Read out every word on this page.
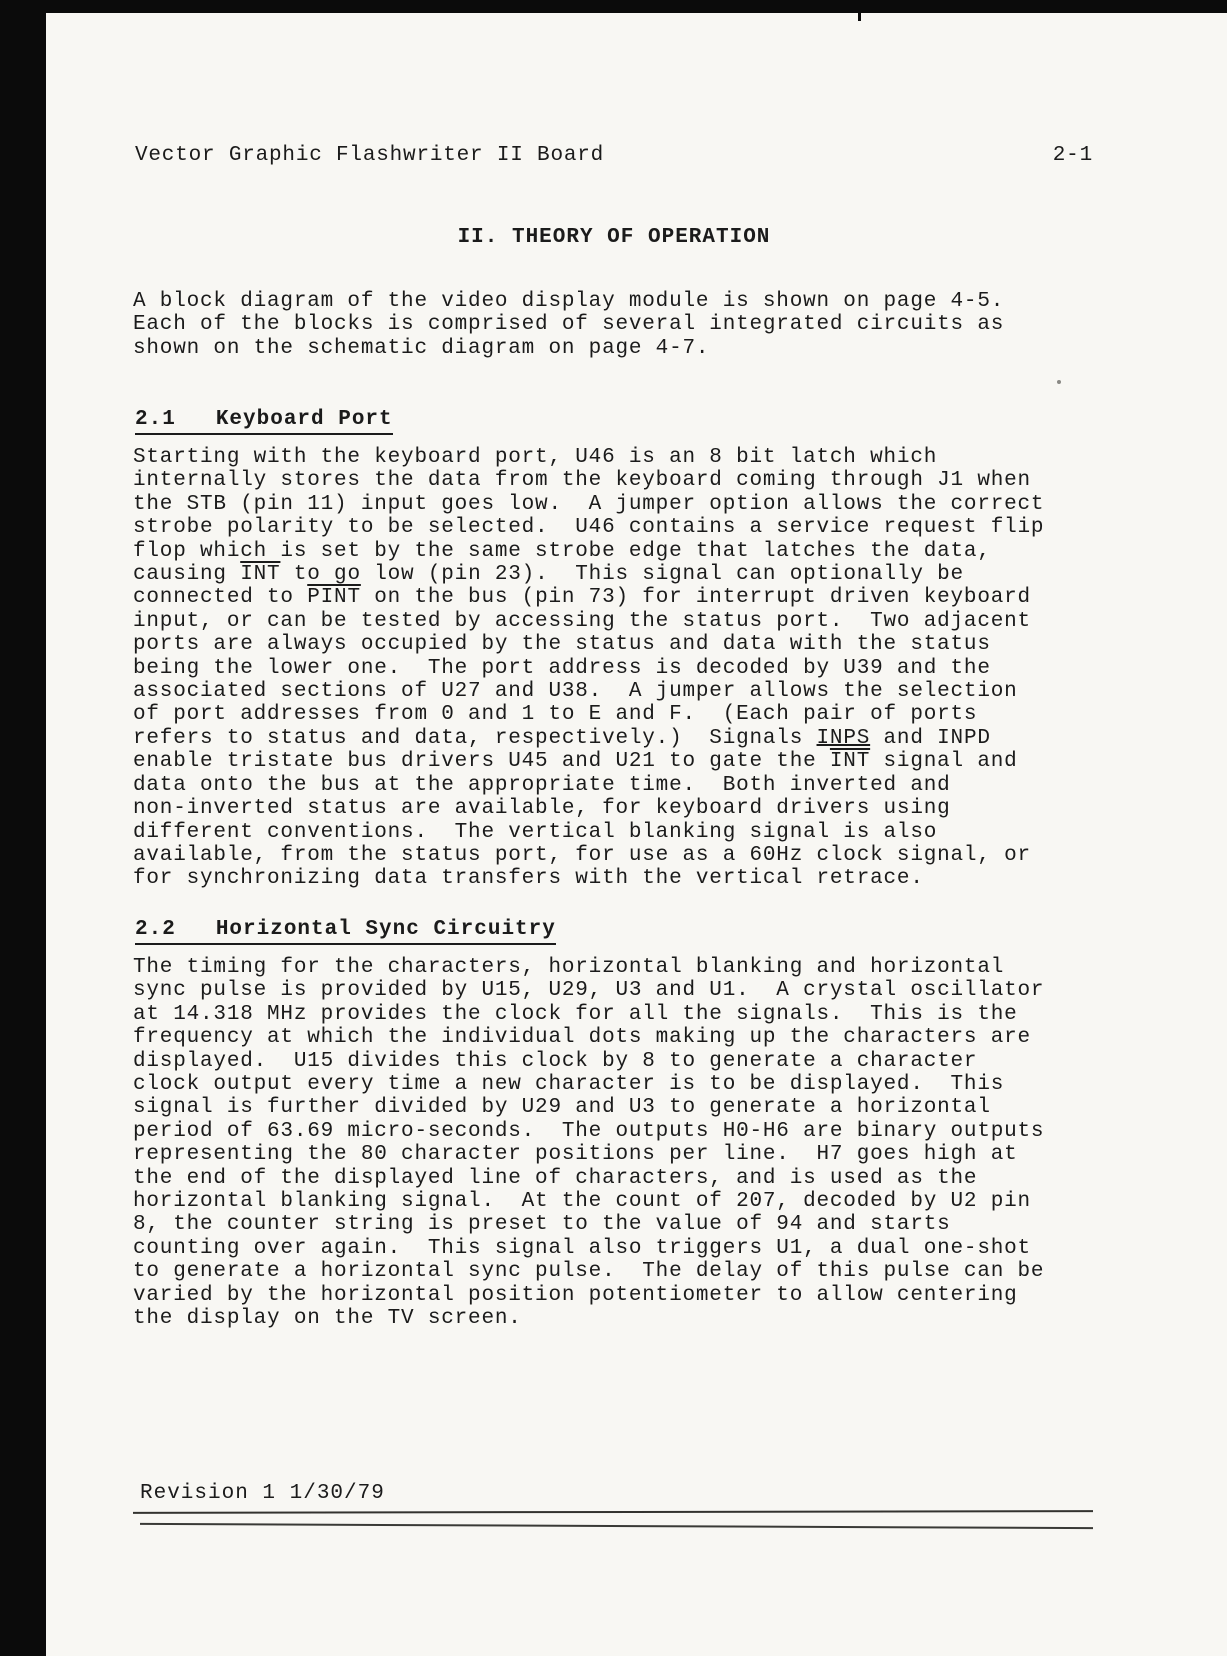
Vector Graphic Flashwriter II Board	2-1
II. THEORY OF OPERATION

A block diagram of the video display module is shown on page 4-5.
Each of the blocks is comprised of several integrated circuits as
shown on the schematic diagram on page 4-7.

2.1 Keyboard Port

Starting with the keyboard port, U46 is an 8 bit latch which
internally stores the data from the keyboard coming through J1 when
the STB (pin 11) input goes low.  A jumper option allows the correct
strobe polarity to be selected.  U46 contains a service request flip
flop which is set by the same strobe edge that latches the data,
causing $\overline{INT}$ to go low (pin 23).  This signal can optionally be
connected to PINT on the bus (pin 73) for interrupt driven keyboard
input, or can be tested by accessing the status port.  Two adjacent
ports are always occupied by the status and data with the status
being the lower one.  The port address is decoded by U39 and the
associated sections of U27 and U38.  A jumper allows the selection
of port addresses from 0 and 1 to E and F.  (Each pair of ports
refers to status and data, respectively.)  Signals INPS and INPD
enable tristate bus drivers U45 and U21 to gate the $\overline{INT}$ signal and
data onto the bus at the appropriate time.  Both inverted and
non-inverted status are available, for keyboard drivers using
different conventions.  The vertical blanking signal is also
available, from the status port, for use as a 60Hz clock signal, or
for synchronizing data transfers with the vertical retrace.

2.2 Horizontal Sync Circuitry

The timing for the characters, horizontal blanking and horizontal
sync pulse is provided by U15, U29, U3 and U1.  A crystal oscillator
at 14.318 MHz provides the clock for all the signals.  This is the
frequency at which the individual dots making up the characters are
displayed.  U15 divides this clock by 8 to generate a character
clock output every time a new character is to be displayed.  This
signal is further divided by U29 and U3 to generate a horizontal
period of 63.69 micro-seconds.  The outputs H0-H6 are binary outputs
representing the 80 character positions per line.  H7 goes high at
the end of the displayed line of characters, and is used as the
horizontal blanking signal.  At the count of 207, decoded by U2 pin
8, the counter string is preset to the value of 94 and starts
counting over again.  This signal also triggers U1, a dual one-shot
to generate a horizontal sync pulse.  The delay of this pulse can be
varied by the horizontal position potentiometer to allow centering
the display on the TV screen.

Revision 1 1/30/79
